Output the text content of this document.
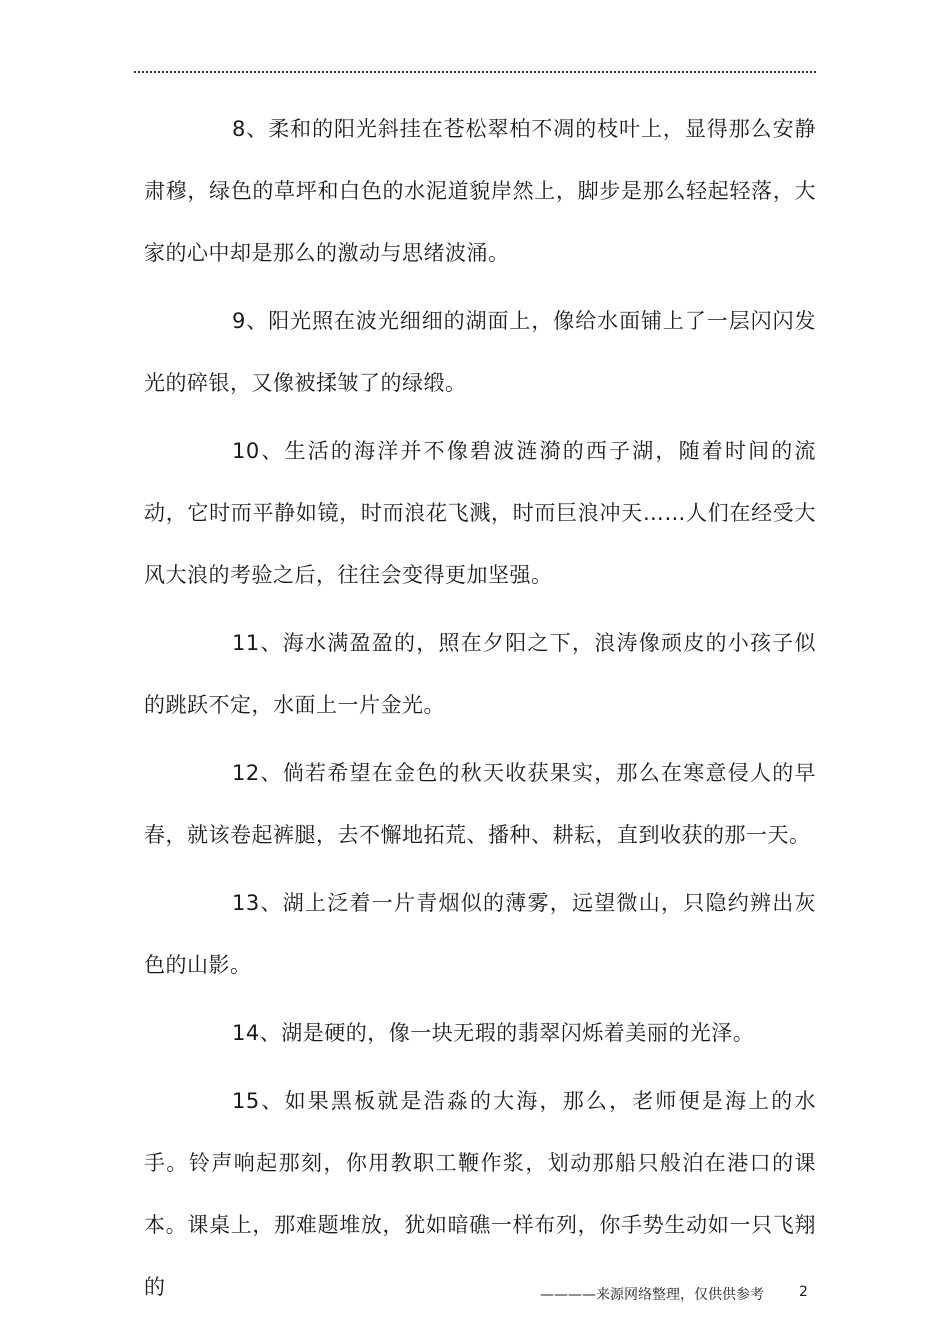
8、柔和的阳光斜挂在苍松翠柏不凋的枝叶上，显得那么安静肃穆，绿色的草坪和白色的水泥道貌岸然上，脚步是那么轻起轻落，大家的心中却是那么的激动与思绪波涌。

9、阳光照在波光细细的湖面上，像给水面铺上了一层闪闪发光的碎银，又像被揉皱了的绿缎。

10、生活的海洋并不像碧波涟漪的西子湖，随着时间的流动，它时而平静如镜，时而浪花飞溅，时而巨浪冲天……人们在经受大风大浪的考验之后，往往会变得更加坚强。

11、海水满盈盈的，照在夕阳之下，浪涛像顽皮的小孩子似的跳跃不定，水面上一片金光。

12、倘若希望在金色的秋天收获果实，那么在寒意侵人的早春，就该卷起裤腿，去不懈地拓荒、播种、耕耘，直到收获的那一天。

13、湖上泛着一片青烟似的薄雾，远望微山，只隐约辨出灰色的山影。

14、湖是硬的，像一块无瑕的翡翠闪烁着美丽的光泽。

15、如果黑板就是浩淼的大海，那么，老师便是海上的水手。铃声响起那刻，你用教职工鞭作浆，划动那船只般泊在港口的课本。课桌上，那难题堆放，犹如暗礁一样布列，你手势生动如一只飞翔的	————来源网络整理，仅供供参考	2
